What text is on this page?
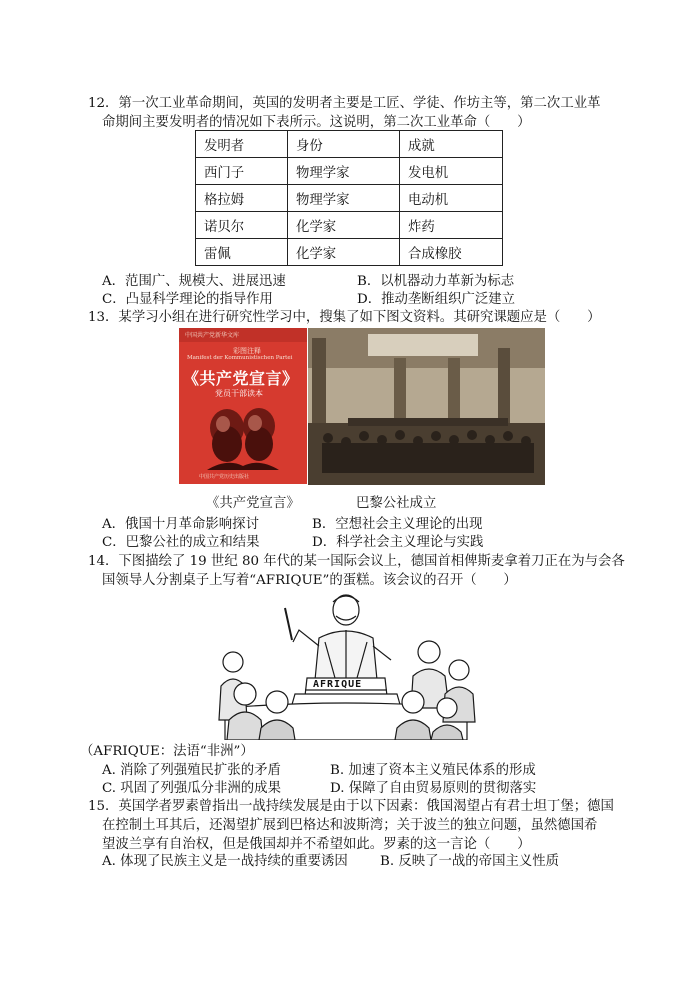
12．第一次工业革命期间，英国的发明者主要是工匠、学徒、作坊主等，第二次工业革
命期间主要发明者的情况如下表所示。这说明，第二次工业革命（　　）
发明者	身份	成就
西门子	物理学家	发电机
格拉姆	物理学家	电动机
诺贝尔	化学家	炸药
雷佩	化学家	合成橡胶
A．范围广、规模大、进展迅速	B．以机器动力革新为标志
C．凸显科学理论的指导作用	D．推动垄断组织广泛建立
13．某学习小组在进行研究性学习中，搜集了如下图文资料。其研究课题应是（　　）
中国共产党新华文库
彩图注释
Manifest der Kommunistischen Partei
《共产党宣言》
党员干部读本
中国共产党历史出版社
《共产党宣言》	巴黎公社成立
A．俄国十月革命影响探讨	B．空想社会主义理论的出现
C．巴黎公社的成立和结果	D．科学社会主义理论与实践
14．下图描绘了 19 世纪 80 年代的某一国际会议上，德国首相俾斯麦拿着刀正在为与会各
国领导人分割桌子上写着“AFRIQUE”的蛋糕。该会议的召开（　　）
AFRIQUE
（AFRIQUE：法语“非洲”）
A. 消除了列强殖民扩张的矛盾	B. 加速了资本主义殖民体系的形成
C. 巩固了列强瓜分非洲的成果	D. 保障了自由贸易原则的贯彻落实
15．英国学者罗素曾指出一战持续发展是由于以下因素：俄国渴望占有君士坦丁堡；德国
在控制土耳其后，还渴望扩展到巴格达和波斯湾；关于波兰的独立问题，虽然德国希
望波兰享有自治权，但是俄国却并不希望如此。罗素的这一言论（　　）
A. 体现了民族主义是一战持续的重要诱因 B. 反映了一战的帝国主义性质
